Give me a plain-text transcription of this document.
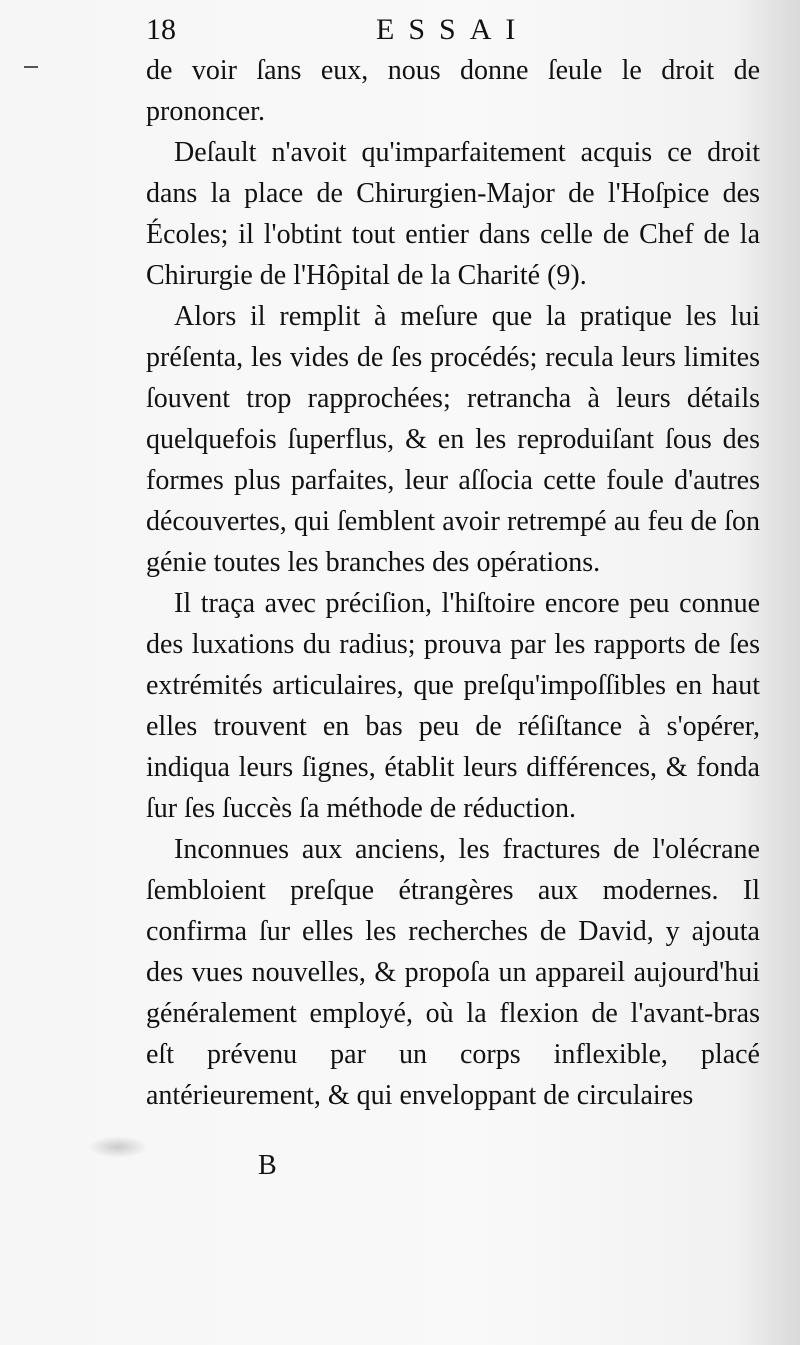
18	ESSAI

de voir ſans eux, nous donne ſeule le droit de prononcer.

Deſault n'avoit qu'imparfaitement acquis ce droit dans la place de Chirurgien-Major de l'Hoſpice des Écoles; il l'obtint tout entier dans celle de Chef de la Chirurgie de l'Hôpital de la Charité (9).

Alors il remplit à meſure que la pratique les lui préſenta, les vides de ſes procédés; recula leurs limites ſouvent trop rapprochées; retrancha à leurs détails quelquefois ſuperflus, & en les reproduiſant ſous des formes plus parfaites, leur aſſocia cette foule d'autres découvertes, qui ſemblent avoir retrempé au feu de ſon génie toutes les branches des opérations.

Il traça avec préciſion, l'hiſtoire encore peu connue des luxations du radius; prouva par les rapports de ſes extrémités articulaires, que preſqu'impoſſibles en haut elles trouvent en bas peu de réſiſtance à s'opérer, indiqua leurs ſignes, établit leurs différences, & fonda ſur ſes ſuccès ſa méthode de réduction.

Inconnues aux anciens, les fractures de l'olécrane ſembloient preſque étrangères aux modernes. Il confirma ſur elles les recherches de David, y ajouta des vues nouvelles, & propoſa un appareil aujourd'hui généralement employé, où la flexion de l'avant-bras eſt prévenu par un corps inflexible, placé antérieurement, & qui enveloppant de circulaires

B
